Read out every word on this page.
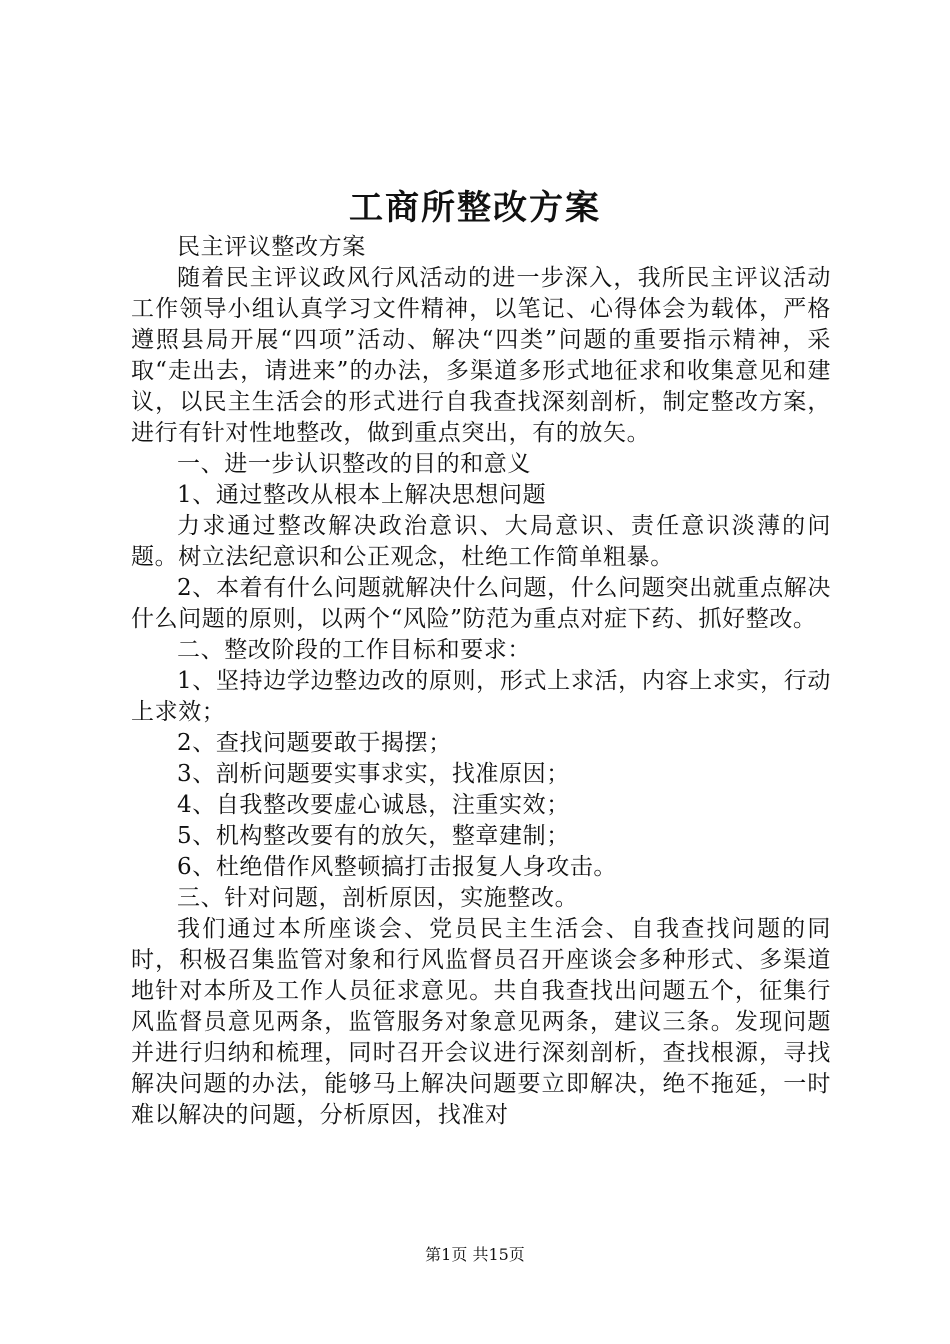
工商所整改方案

民主评议整改方案

随着民主评议政风行风活动的进一步深入，我所民主评议活动工作领导小组认真学习文件精神，以笔记、心得体会为载体，严格遵照县局开展“四项”活动、解决“四类”问题的重要指示精神，采取“走出去，请进来”的办法，多渠道多形式地征求和收集意见和建议，以民主生活会的形式进行自我查找深刻剖析，制定整改方案，进行有针对性地整改，做到重点突出，有的放矢。

一、进一步认识整改的目的和意义

1、通过整改从根本上解决思想问题

力求通过整改解决政治意识、大局意识、责任意识淡薄的问题。树立法纪意识和公正观念，杜绝工作简单粗暴。

2、本着有什么问题就解决什么问题，什么问题突出就重点解决什么问题的原则，以两个“风险”防范为重点对症下药、抓好整改。

二、整改阶段的工作目标和要求：

1、坚持边学边整边改的原则，形式上求活，内容上求实，行动上求效；

2、查找问题要敢于揭摆；

3、剖析问题要实事求实，找准原因；

4、自我整改要虚心诚恳，注重实效；

5、机构整改要有的放矢，整章建制；

6、杜绝借作风整顿搞打击报复人身攻击。

三、针对问题，剖析原因，实施整改。

我们通过本所座谈会、党员民主生活会、自我查找问题的同时，积极召集监管对象和行风监督员召开座谈会多种形式、多渠道地针对本所及工作人员征求意见。共自我查找出问题五个，征集行风监督员意见两条，监管服务对象意见两条，建议三条。发现问题并进行归纳和梳理，同时召开会议进行深刻剖析，查找根源，寻找解决问题的办法，能够马上解决问题要立即解决，绝不拖延，一时难以解决的问题，分析原因，找准对

第1页 共15页
